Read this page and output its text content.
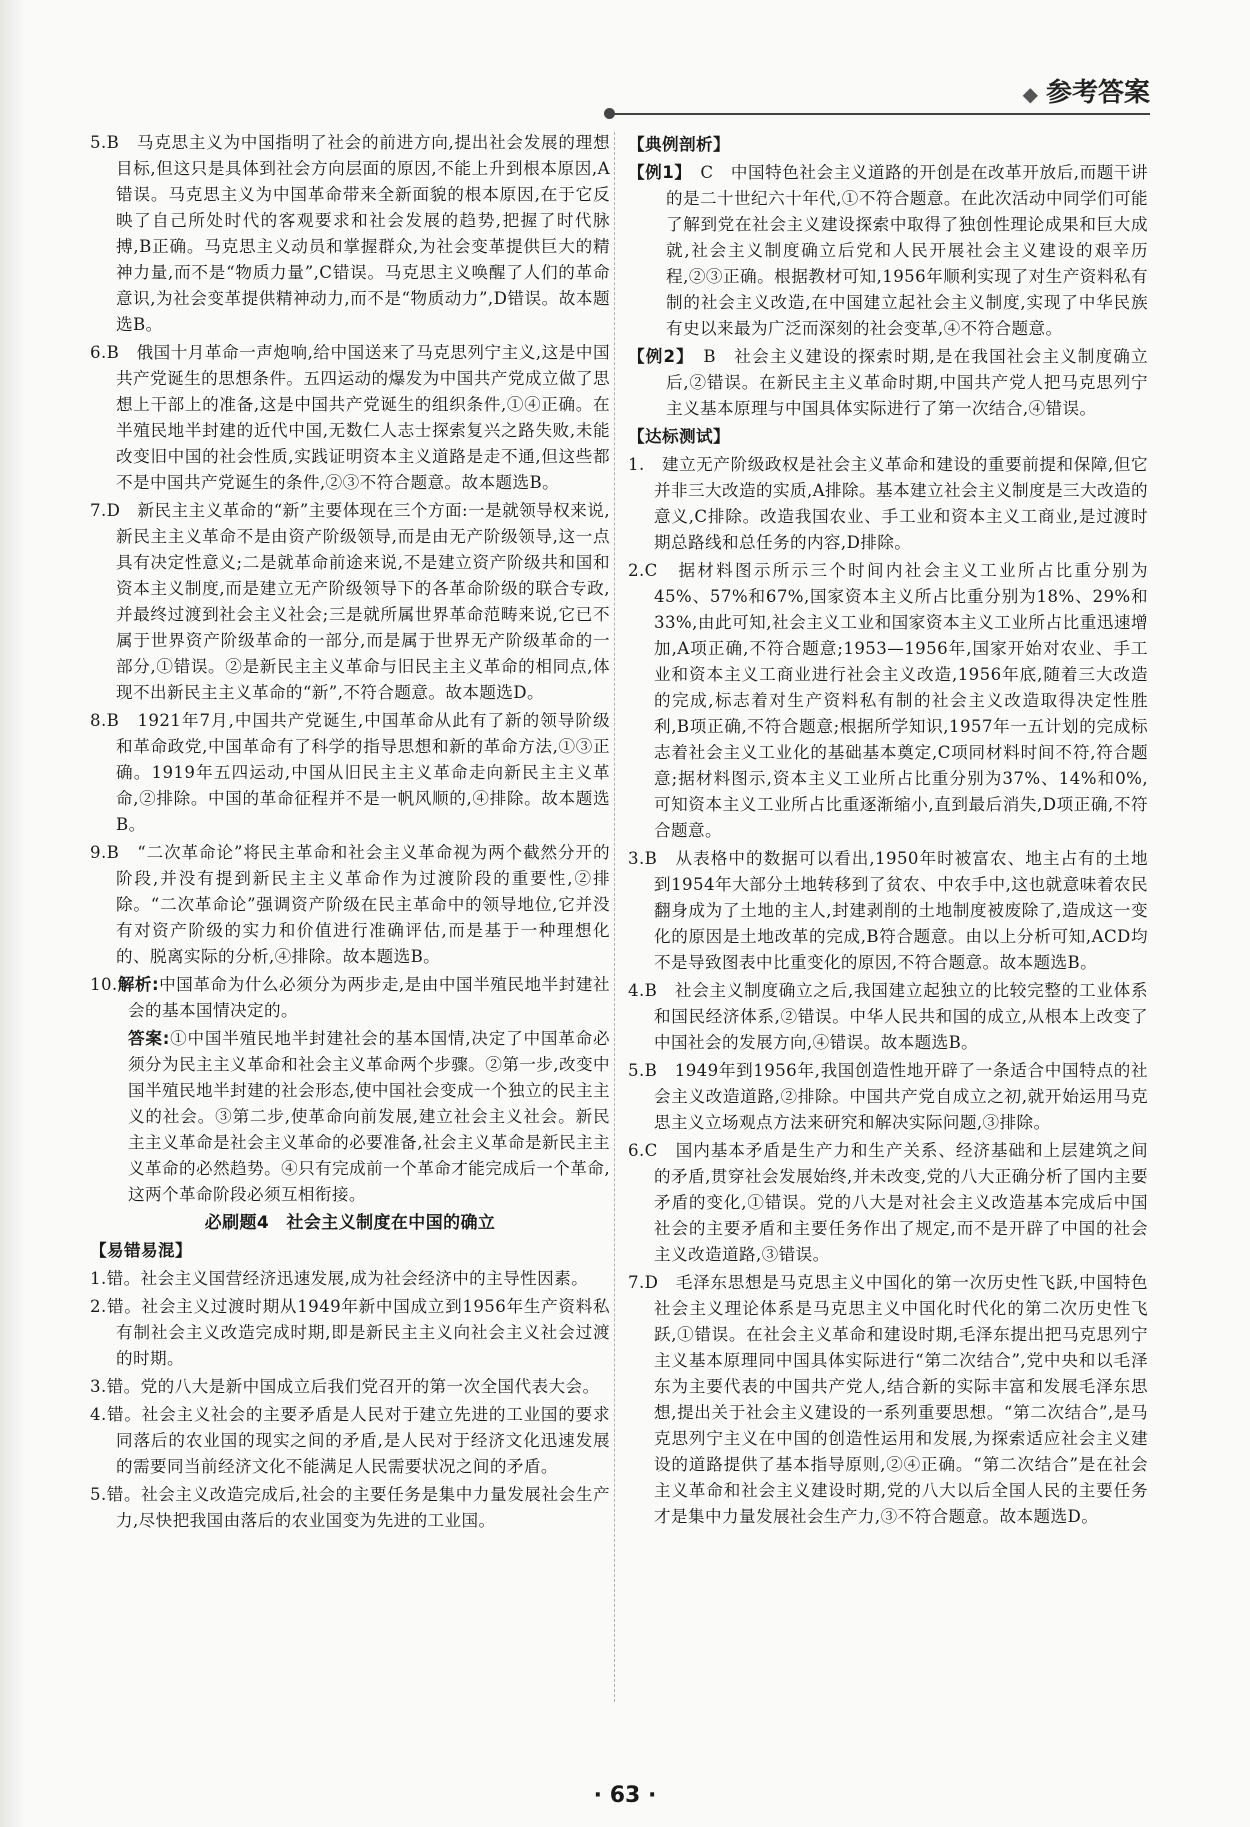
◆ 参考答案

5.B　 马克思主义为中国指明了社会的前进方向,提出社会发展的理想目标,但这只是具体到社会方向层面的原因,不能上升到根本原因,A错误。马克思主义为中国革命带来全新面貌的根本原因,在于它反映了自己所处时代的客观要求和社会发展的趋势,把握了时代脉搏,B正确。马克思主义动员和掌握群众,为社会变革提供巨大的精神力量,而不是“物质力量”,C错误。马克思主义唤醒了人们的革命意识,为社会变革提供精神动力,而不是“物质动力”,D错误。故本题选B。

6.B　 俄国十月革命一声炮响,给中国送来了马克思列宁主义,这是中国共产党诞生的思想条件。五四运动的爆发为中国共产党成立做了思想上干部上的准备,这是中国共产党诞生的组织条件,①④正确。在半殖民地半封建的近代中国,无数仁人志士探索复兴之路失败,未能改变旧中国的社会性质,实践证明资本主义道路是走不通,但这些都不是中国共产党诞生的条件,②③不符合题意。故本题选B。

7.D　 新民主主义革命的“新”主要体现在三个方面:一是就领导权来说,新民主主义革命不是由资产阶级领导,而是由无产阶级领导,这一点具有决定性意义;二是就革命前途来说,不是建立资产阶级共和国和资本主义制度,而是建立无产阶级领导下的各革命阶级的联合专政,并最终过渡到社会主义社会;三是就所属世界革命范畴来说,它已不属于世界资产阶级革命的一部分,而是属于世界无产阶级革命的一部分,①错误。②是新民主主义革命与旧民主主义革命的相同点,体现不出新民主主义革命的“新”,不符合题意。故本题选D。

8.B　 1921年7月,中国共产党诞生,中国革命从此有了新的领导阶级和革命政党,中国革命有了科学的指导思想和新的革命方法,①③正确。1919年五四运动,中国从旧民主主义革命走向新民主主义革命,②排除。中国的革命征程并不是一帆风顺的,④排除。故本题选B。

9.B　 “二次革命论”将民主革命和社会主义革命视为两个截然分开的阶段,并没有提到新民主主义革命作为过渡阶段的重要性,②排除。“二次革命论”强调资产阶级在民主革命中的领导地位,它并没有对资产阶级的实力和价值进行准确评估,而是基于一种理想化的、脱离实际的分析,④排除。故本题选B。

10.解析:中国革命为什么必须分为两步走,是由中国半殖民地半封建社会的基本国情决定的。

答案:①中国半殖民地半封建社会的基本国情,决定了中国革命必须分为民主主义革命和社会主义革命两个步骤。②第一步,改变中国半殖民地半封建的社会形态,使中国社会变成一个独立的民主主义的社会。③第二步,使革命向前发展,建立社会主义社会。新民主主义革命是社会主义革命的必要准备,社会主义革命是新民主主义革命的必然趋势。④只有完成前一个革命才能完成后一个革命,这两个革命阶段必须互相衔接。

必刷题4　社会主义制度在中国的确立
【易错易混】

1.错。社会主义国营经济迅速发展,成为社会经济中的主导性因素。

2.错。社会主义过渡时期从1949年新中国成立到1956年生产资料私有制社会主义改造完成时期,即是新民主主义向社会主义社会过渡的时期。

3.错。党的八大是新中国成立后我们党召开的第一次全国代表大会。

4.错。社会主义社会的主要矛盾是人民对于建立先进的工业国的要求同落后的农业国的现实之间的矛盾,是人民对于经济文化迅速发展的需要同当前经济文化不能满足人民需要状况之间的矛盾。

5.错。社会主义改造完成后,社会的主要任务是集中力量发展社会生产力,尽快把我国由落后的农业国变为先进的工业国。

【典例剖析】

【例1】　 C　 中国特色社会主义道路的开创是在改革开放后,而题干讲的是二十世纪六十年代,①不符合题意。在此次活动中同学们可能了解到党在社会主义建设探索中取得了独创性理论成果和巨大成就,社会主义制度确立后党和人民开展社会主义建设的艰辛历程,②③正确。根据教材可知,1956年顺利实现了对生产资料私有制的社会主义改造,在中国建立起社会主义制度,实现了中华民族有史以来最为广泛而深刻的社会变革,④不符合题意。

【例2】　 B　 社会主义建设的探索时期,是在我国社会主义制度确立后,②错误。在新民主主义革命时期,中国共产党人把马克思列宁主义基本原理与中国具体实际进行了第一次结合,④错误。

【达标测试】

1.　 建立无产阶级政权是社会主义革命和建设的重要前提和保障,但它并非三大改造的实质,A排除。基本建立社会主义制度是三大改造的意义,C排除。改造我国农业、手工业和资本主义工商业,是过渡时期总路线和总任务的内容,D排除。

2.C　 据材料图示所示三个时间内社会主义工业所占比重分别为45%、57%和67%,国家资本主义所占比重分别为18%、29%和33%,由此可知,社会主义工业和国家资本主义工业所占比重迅速增加,A项正确,不符合题意;1953—1956年,国家开始对农业、手工业和资本主义工商业进行社会主义改造,1956年底,随着三大改造的完成,标志着对生产资料私有制的社会主义改造取得决定性胜利,B项正确,不符合题意;根据所学知识,1957年一五计划的完成标志着社会主义工业化的基础基本奠定,C项同材料时间不符,符合题意;据材料图示,资本主义工业所占比重分别为37%、14%和0%,可知资本主义工业所占比重逐渐缩小,直到最后消失,D项正确,不符合题意。

3.B　 从表格中的数据可以看出,1950年时被富农、地主占有的土地到1954年大部分土地转移到了贫农、中农手中,这也就意味着农民翻身成为了土地的主人,封建剥削的土地制度被废除了,造成这一变化的原因是土地改革的完成,B符合题意。由以上分析可知,ACD均不是导致图表中比重变化的原因,不符合题意。故本题选B。

4.B　 社会主义制度确立之后,我国建立起独立的比较完整的工业体系和国民经济体系,②错误。中华人民共和国的成立,从根本上改变了中国社会的发展方向,④错误。故本题选B。

5.B　 1949年到1956年,我国创造性地开辟了一条适合中国特点的社会主义改造道路,②排除。中国共产党自成立之初,就开始运用马克思主义立场观点方法来研究和解决实际问题,③排除。

6.C　 国内基本矛盾是生产力和生产关系、经济基础和上层建筑之间的矛盾,贯穿社会发展始终,并未改变,党的八大正确分析了国内主要矛盾的变化,①错误。党的八大是对社会主义改造基本完成后中国社会的主要矛盾和主要任务作出了规定,而不是开辟了中国的社会主义改造道路,③错误。

7.D　 毛泽东思想是马克思主义中国化的第一次历史性飞跃,中国特色社会主义理论体系是马克思主义中国化时代化的第二次历史性飞跃,①错误。在社会主义革命和建设时期,毛泽东提出把马克思列宁主义基本原理同中国具体实际进行“第二次结合”,党中央和以毛泽东为主要代表的中国共产党人,结合新的实际丰富和发展毛泽东思想,提出关于社会主义建设的一系列重要思想。“第二次结合”,是马克思列宁主义在中国的创造性运用和发展,为探索适应社会主义建设的道路提供了基本指导原则,②④正确。“第二次结合”是在社会主义革命和社会主义建设时期,党的八大以后全国人民的主要任务才是集中力量发展社会生产力,③不符合题意。故本题选D。

· 63 ·
